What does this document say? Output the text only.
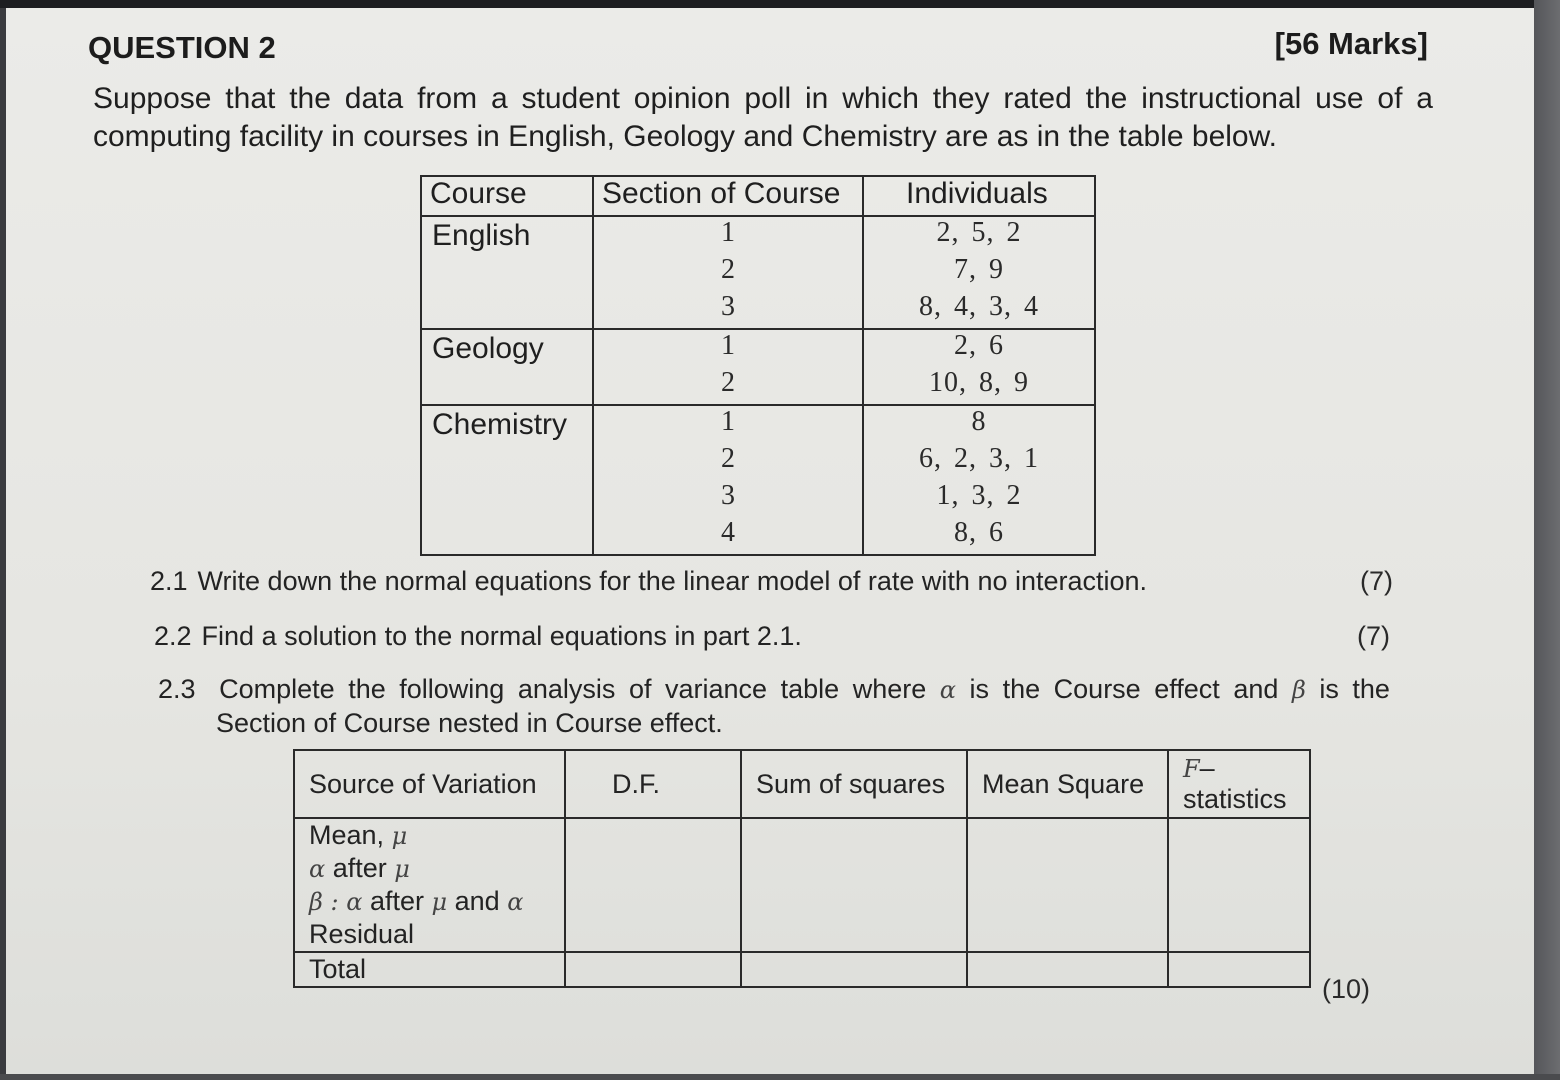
QUESTION 2	[56 Marks]
Suppose that the data from a student opinion poll in which they rated the instructional use of a computing facility in courses in English, Geology and Chemistry are as in the table below.
Course	Section of Course	Individuals
English	1	2, 5, 2
	2	7, 9
	3	8, 4, 3, 4
Geology	1	2, 6
	2	10, 8, 9
Chemistry	1	8
	2	6, 2, 3, 1
	3	1, 3, 2
	4	8, 6
2.1 Write down the normal equations for the linear model of rate with no interaction.	(7)
2.2 Find a solution to the normal equations in part 2.1.	(7)
2.3 Complete the following analysis of variance table where α is the Course effect and β is the
Section of Course nested in Course effect.
Source of Variation	D.F.	Sum of squares	Mean Square	F–statistics
Mean, μ				
α after μ				
β : α after μ and α				
Residual				
Total				
(10)
